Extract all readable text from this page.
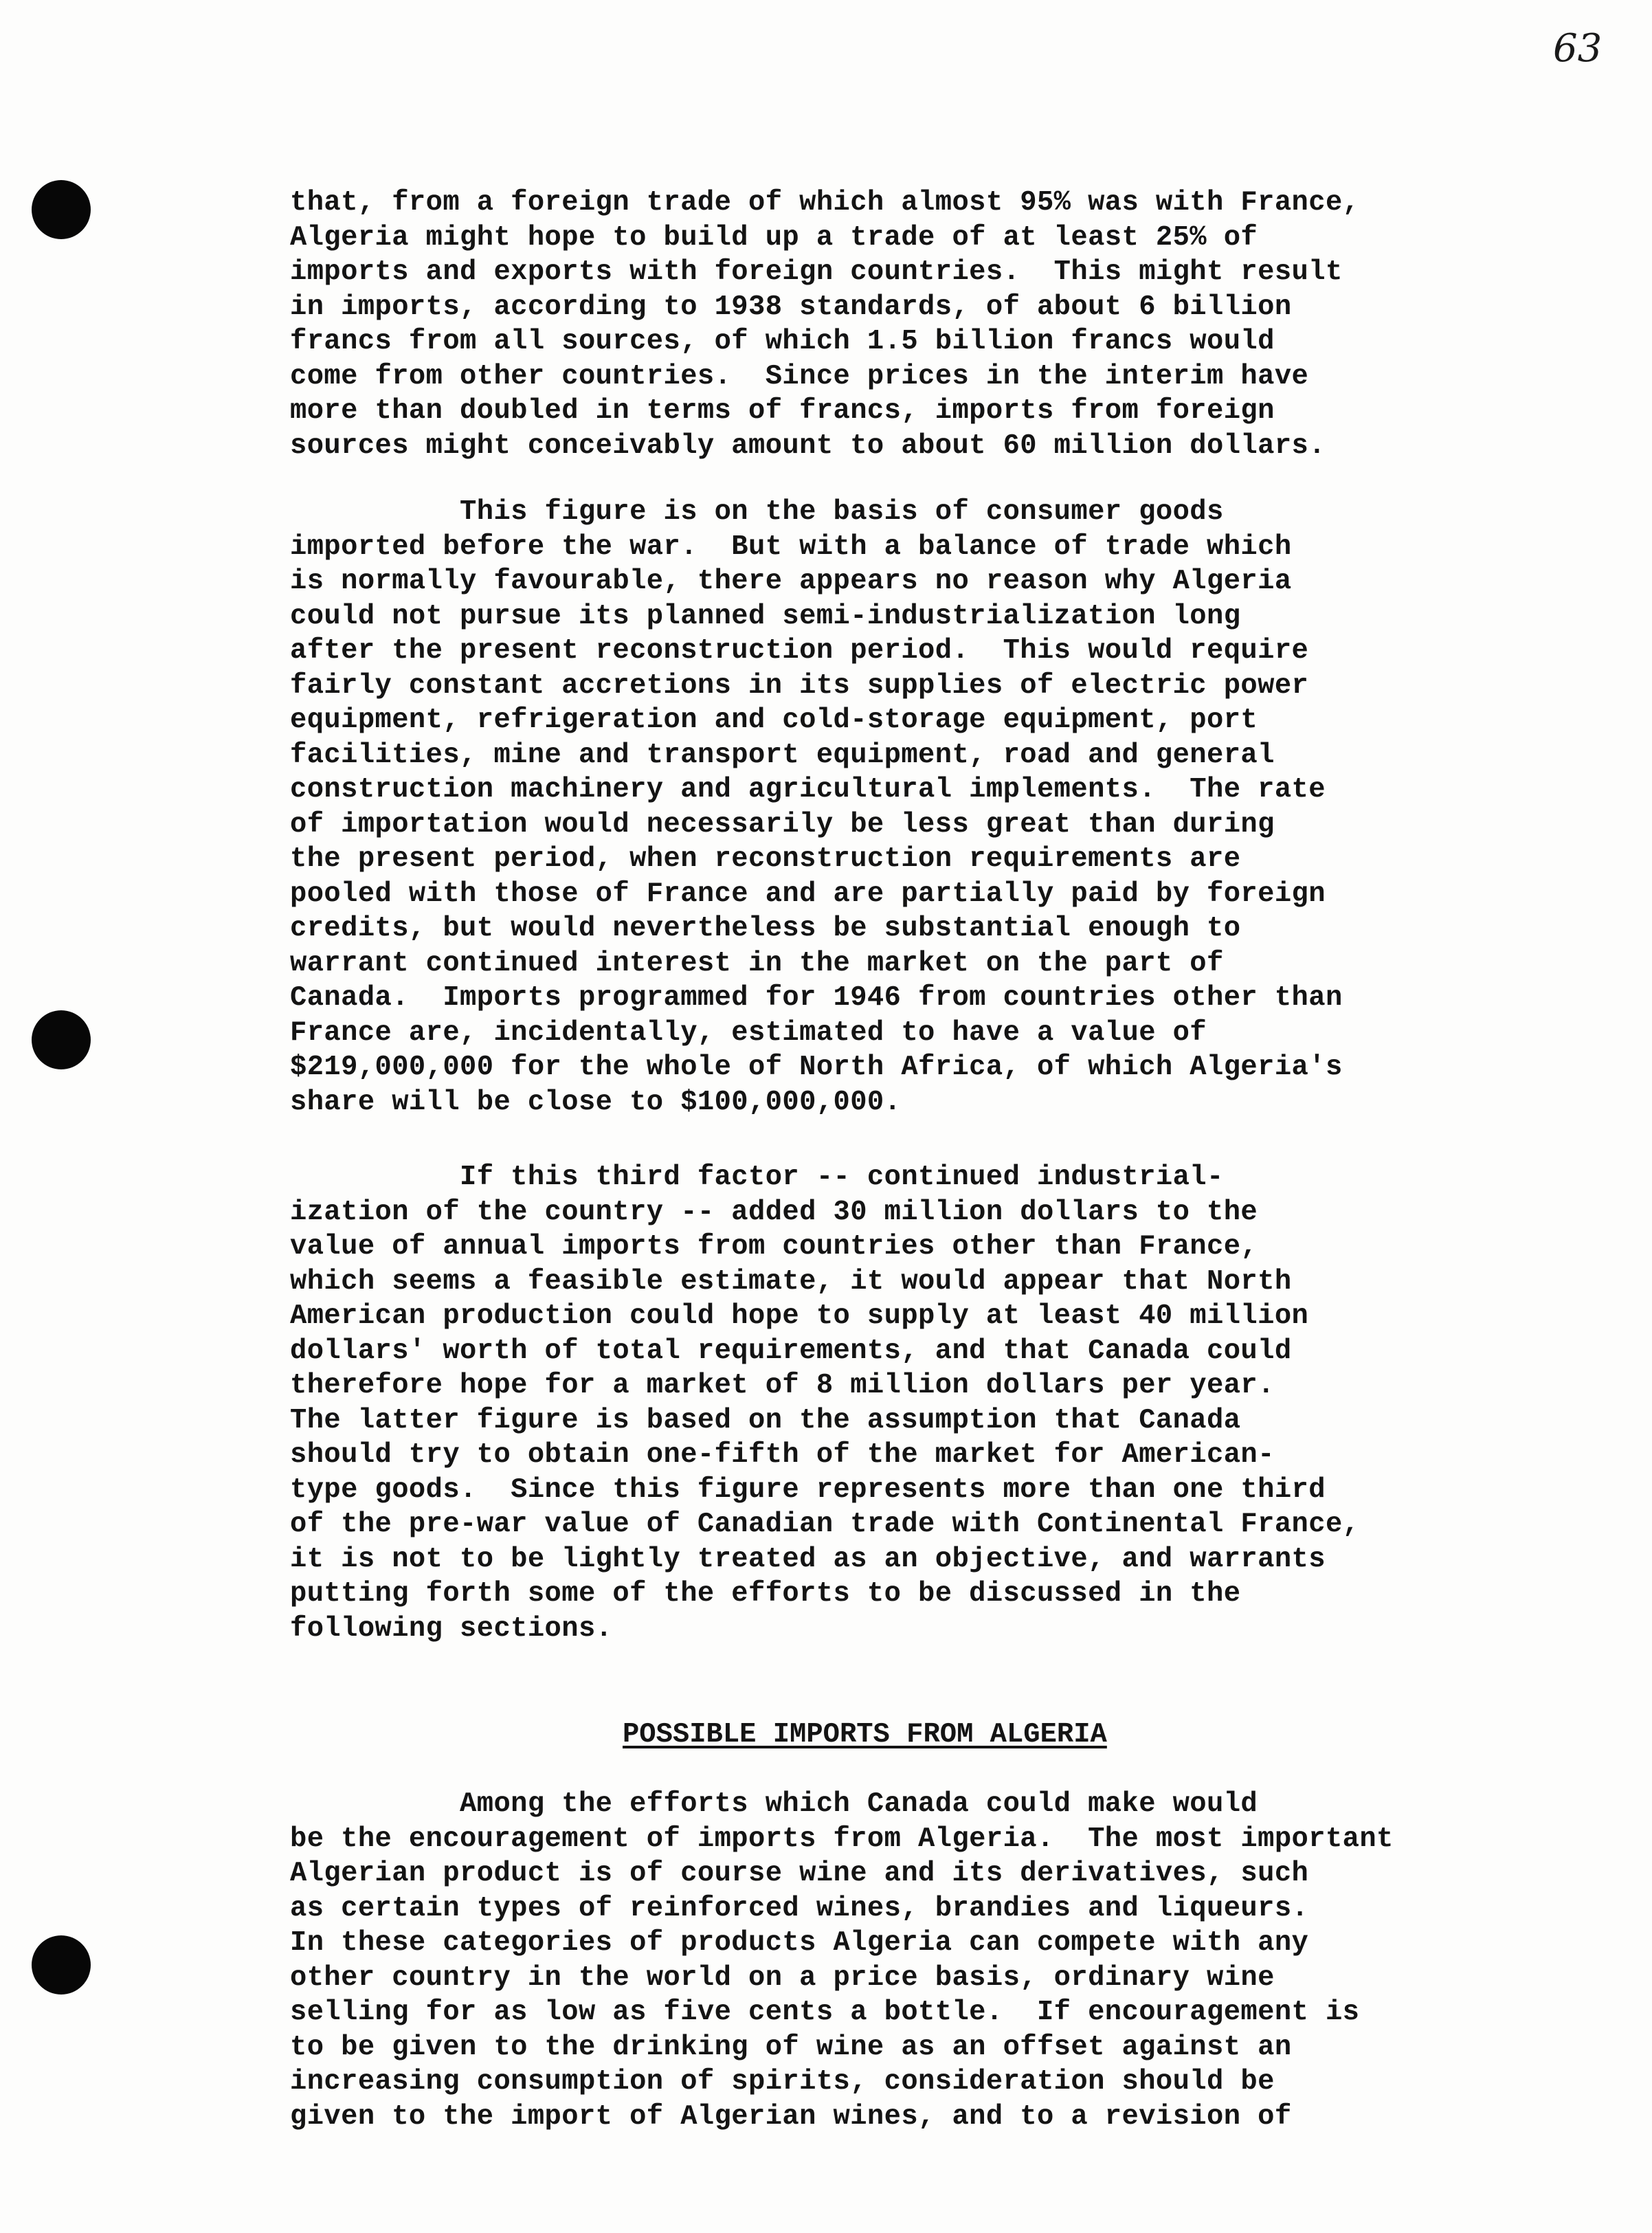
63
that, from a foreign trade of which almost 95% was with France,
Algeria might hope to build up a trade of at least 25% of
imports and exports with foreign countries.  This might result
in imports, according to 1938 standards, of about 6 billion
francs from all sources, of which 1.5 billion francs would
come from other countries.  Since prices in the interim have
more than doubled in terms of francs, imports from foreign
sources might conceivably amount to about 60 million dollars.
This figure is on the basis of consumer goods
imported before the war.  But with a balance of trade which
is normally favourable, there appears no reason why Algeria
could not pursue its planned semi-industrialization long
after the present reconstruction period.  This would require
fairly constant accretions in its supplies of electric power
equipment, refrigeration and cold-storage equipment, port
facilities, mine and transport equipment, road and general
construction machinery and agricultural implements.  The rate
of importation would necessarily be less great than during
the present period, when reconstruction requirements are
pooled with those of France and are partially paid by foreign
credits, but would nevertheless be substantial enough to
warrant continued interest in the market on the part of
Canada.  Imports programmed for 1946 from countries other than
France are, incidentally, estimated to have a value of
$219,000,000 for the whole of North Africa, of which Algeria's
share will be close to $100,000,000.
If this third factor -- continued industrial-
ization of the country -- added 30 million dollars to the
value of annual imports from countries other than France,
which seems a feasible estimate, it would appear that North
American production could hope to supply at least 40 million
dollars' worth of total requirements, and that Canada could
therefore hope for a market of 8 million dollars per year.
The latter figure is based on the assumption that Canada
should try to obtain one-fifth of the market for American-
type goods.  Since this figure represents more than one third
of the pre-war value of Canadian trade with Continental France,
it is not to be lightly treated as an objective, and warrants
putting forth some of the efforts to be discussed in the
following sections.
POSSIBLE IMPORTS FROM ALGERIA
Among the efforts which Canada could make would
be the encouragement of imports from Algeria.  The most important
Algerian product is of course wine and its derivatives, such
as certain types of reinforced wines, brandies and liqueurs.
In these categories of products Algeria can compete with any
other country in the world on a price basis, ordinary wine
selling for as low as five cents a bottle.  If encouragement is
to be given to the drinking of wine as an offset against an
increasing consumption of spirits, consideration should be
given to the import of Algerian wines, and to a revision of
